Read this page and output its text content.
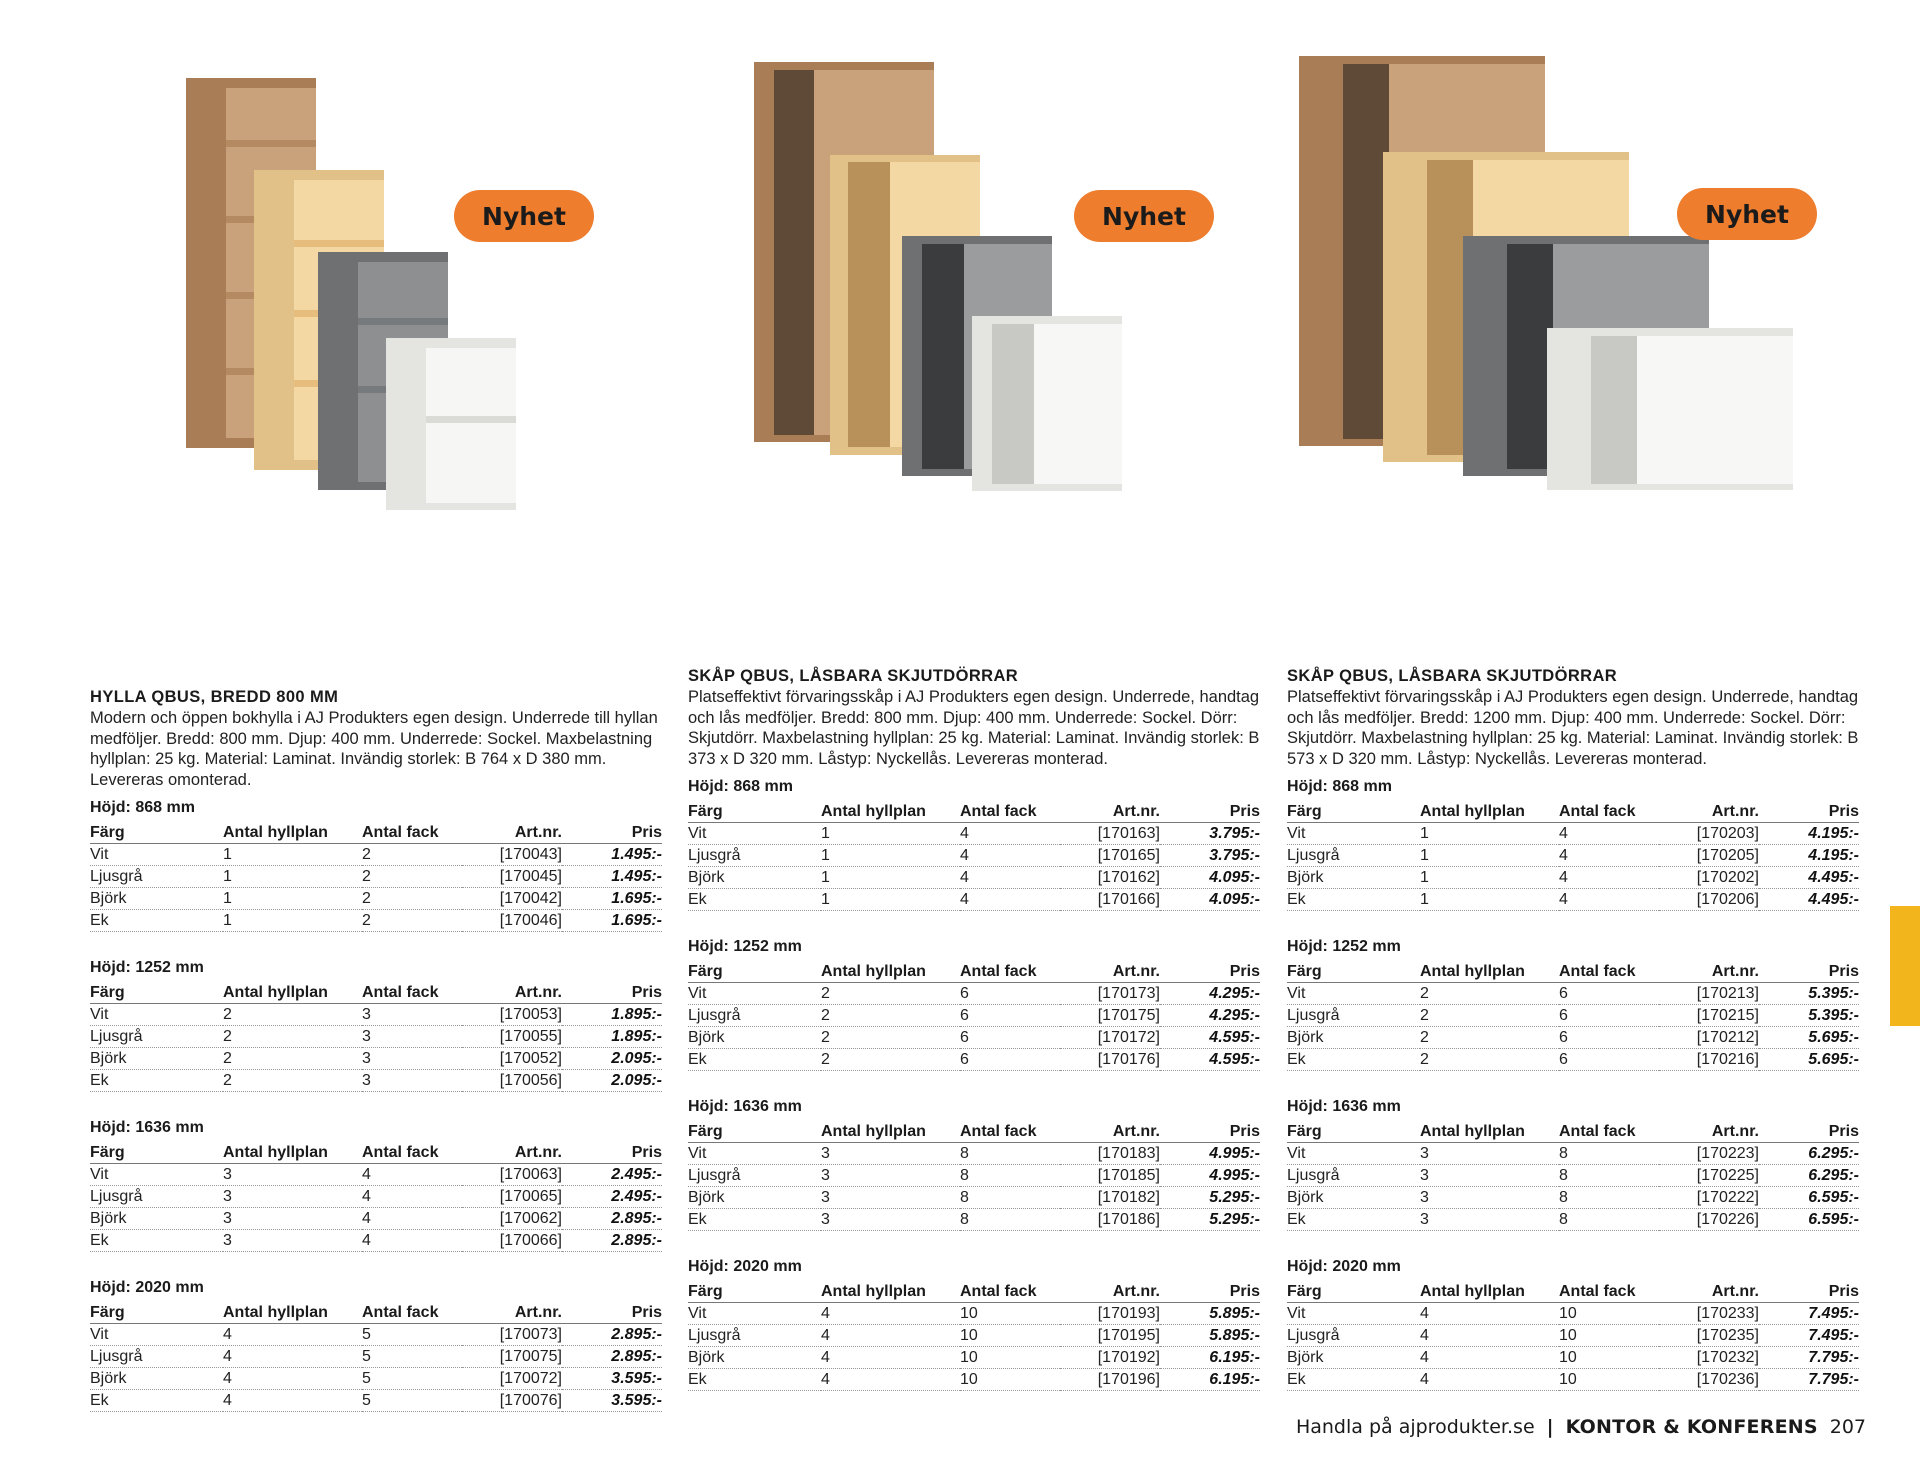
Nyhet	Nyhet	Nyhet

HYLLA QBUS, BREDD 800 MM

Modern och öppen bokhylla i AJ Produkters egen design. Underrede till hyllan medföljer. Bredd: 800 mm. Djup: 400 mm. Underrede: Sockel. Maxbelastning hyllplan: 25 kg. Material: Laminat. Invändig storlek: B 764 x D 380 mm. Levereras omonterad.

Höjd: 868 mm

Färg	Antal hyllplan	Antal fack	Art.nr.	Pris
Vit	1	2	[170043]	1.495:-
Ljusgrå	1	2	[170045]	1.495:-
Björk	1	2	[170042]	1.695:-
Ek	1	2	[170046]	1.695:-

Höjd: 1252 mm

Färg	Antal hyllplan	Antal fack	Art.nr.	Pris
Vit	2	3	[170053]	1.895:-
Ljusgrå	2	3	[170055]	1.895:-
Björk	2	3	[170052]	2.095:-
Ek	2	3	[170056]	2.095:-

Höjd: 1636 mm

Färg	Antal hyllplan	Antal fack	Art.nr.	Pris
Vit	3	4	[170063]	2.495:-
Ljusgrå	3	4	[170065]	2.495:-
Björk	3	4	[170062]	2.895:-
Ek	3	4	[170066]	2.895:-

Höjd: 2020 mm

Färg	Antal hyllplan	Antal fack	Art.nr.	Pris
Vit	4	5	[170073]	2.895:-
Ljusgrå	4	5	[170075]	2.895:-
Björk	4	5	[170072]	3.595:-
Ek	4	5	[170076]	3.595:-

SKÅP QBUS, LÅSBARA SKJUTDÖRRAR

Platseffektivt förvaringsskåp i AJ Produkters egen design. Underrede, handtag och lås medföljer. Bredd: 800 mm. Djup: 400 mm. Underrede: Sockel. Dörr: Skjutdörr. Maxbelastning hyllplan: 25 kg. Material: Laminat. Invändig storlek: B 373 x D 320 mm. Låstyp: Nyckellås. Levereras monterad.

Höjd: 868 mm

Färg	Antal hyllplan	Antal fack	Art.nr.	Pris
Vit	1	4	[170163]	3.795:-
Ljusgrå	1	4	[170165]	3.795:-
Björk	1	4	[170162]	4.095:-
Ek	1	4	[170166]	4.095:-

Höjd: 1252 mm

Färg	Antal hyllplan	Antal fack	Art.nr.	Pris
Vit	2	6	[170173]	4.295:-
Ljusgrå	2	6	[170175]	4.295:-
Björk	2	6	[170172]	4.595:-
Ek	2	6	[170176]	4.595:-

Höjd: 1636 mm

Färg	Antal hyllplan	Antal fack	Art.nr.	Pris
Vit	3	8	[170183]	4.995:-
Ljusgrå	3	8	[170185]	4.995:-
Björk	3	8	[170182]	5.295:-
Ek	3	8	[170186]	5.295:-

Höjd: 2020 mm

Färg	Antal hyllplan	Antal fack	Art.nr.	Pris
Vit	4	10	[170193]	5.895:-
Ljusgrå	4	10	[170195]	5.895:-
Björk	4	10	[170192]	6.195:-
Ek	4	10	[170196]	6.195:-

SKÅP QBUS, LÅSBARA SKJUTDÖRRAR

Platseffektivt förvaringsskåp i AJ Produkters egen design. Underrede, handtag och lås medföljer. Bredd: 1200 mm. Djup: 400 mm. Underrede: Sockel. Dörr: Skjutdörr. Maxbelastning hyllplan: 25 kg. Material: Laminat. Invändig storlek: B 573 x D 320 mm. Låstyp: Nyckellås. Levereras monterad.

Höjd: 868 mm

Färg	Antal hyllplan	Antal fack	Art.nr.	Pris
Vit	1	4	[170203]	4.195:-
Ljusgrå	1	4	[170205]	4.195:-
Björk	1	4	[170202]	4.495:-
Ek	1	4	[170206]	4.495:-

Höjd: 1252 mm

Färg	Antal hyllplan	Antal fack	Art.nr.	Pris
Vit	2	6	[170213]	5.395:-
Ljusgrå	2	6	[170215]	5.395:-
Björk	2	6	[170212]	5.695:-
Ek	2	6	[170216]	5.695:-

Höjd: 1636 mm

Färg	Antal hyllplan	Antal fack	Art.nr.	Pris
Vit	3	8	[170223]	6.295:-
Ljusgrå	3	8	[170225]	6.295:-
Björk	3	8	[170222]	6.595:-
Ek	3	8	[170226]	6.595:-

Höjd: 2020 mm

Färg	Antal hyllplan	Antal fack	Art.nr.	Pris
Vit	4	10	[170233]	7.495:-
Ljusgrå	4	10	[170235]	7.495:-
Björk	4	10	[170232]	7.795:-
Ek	4	10	[170236]	7.795:-
Handla på ajprodukter.se | KONTOR & KONFERENS 207
